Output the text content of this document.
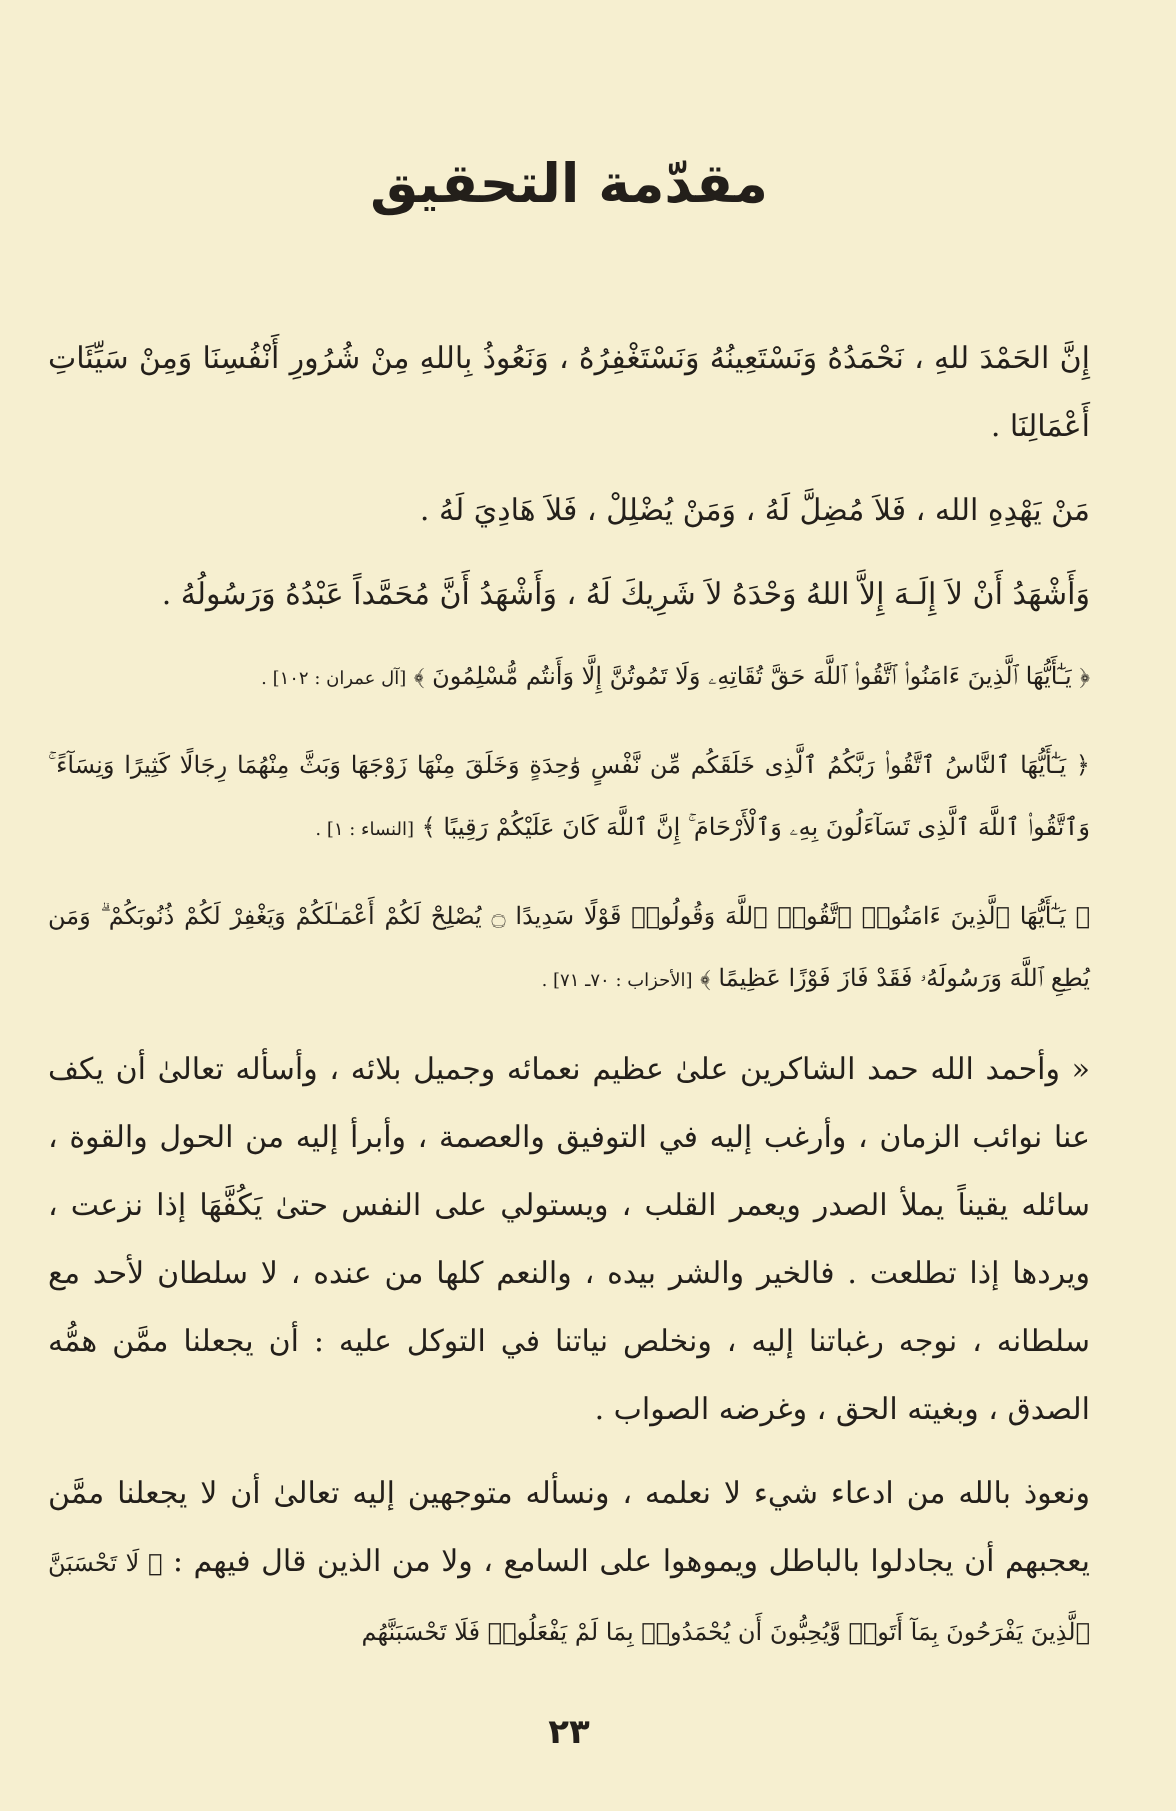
مقدّمة التحقيق

إِنَّ الحَمْدَ للهِ ، نَحْمَدُهُ وَنَسْتَعِينُهُ وَنَسْتَغْفِرُهُ ، وَنَعُوذُ بِاللهِ مِنْ شُرُورِ أَنْفُسِنَا وَمِنْ سَيِّئَاتِ أَعْمَالِنَا .

مَنْ يَهْدِهِ الله ، فَلاَ مُضِلَّ لَهُ ، وَمَنْ يُضْلِلْ ، فَلاَ هَادِيَ لَهُ .

وَأَشْهَدُ أَنْ لاَ إِلَـهَ إِلاَّ اللهُ وَحْدَهُ لاَ شَرِيكَ لَهُ ، وَأَشْهَدُ أَنَّ مُحَمَّداً عَبْدُهُ وَرَسُولُهُ .

﴿ يَـٰٓأَيُّهَا ٱلَّذِينَ ءَامَنُوا۟ ٱتَّقُوا۟ ٱللَّهَ حَقَّ تُقَاتِهِۦ وَلَا تَمُوتُنَّ إِلَّا وَأَنتُم مُّسْلِمُونَ ﴾ [آل عمران : ١٠٢] .

﴿ يَـٰٓأَيُّهَا ٱلنَّاسُ ٱتَّقُوا۟ رَبَّكُمُ ٱلَّذِى خَلَقَكُم مِّن نَّفْسٍ وَٰحِدَةٍ وَخَلَقَ مِنْهَا زَوْجَهَا وَبَثَّ مِنْهُمَا رِجَالًا كَثِيرًا وَنِسَآءً ۚ وَٱتَّقُوا۟ ٱللَّهَ ٱلَّذِى تَسَآءَلُونَ بِهِۦ وَٱلْأَرْحَامَ ۚ إِنَّ ٱللَّهَ كَانَ عَلَيْكُمْ رَقِيبًا ﴾ [النساء : ١] .

﴿ يَـٰٓأَيُّهَا ٱلَّذِينَ ءَامَنُوا۟ ٱتَّقُوا۟ ٱللَّهَ وَقُولُوا۟ قَوْلًا سَدِيدًا ۝ يُصْلِحْ لَكُمْ أَعْمَـٰلَكُمْ وَيَغْفِرْ لَكُمْ ذُنُوبَكُمْ ۗ وَمَن يُطِعِ ٱللَّهَ وَرَسُولَهُۥ فَقَدْ فَازَ فَوْزًا عَظِيمًا ﴾ [الأحزاب : ٧٠ـ ٧١] .

« وأحمد الله حمد الشاكرين علىٰ عظيم نعمائه وجميل بلائه ، وأسأله تعالىٰ أن يكف عنا نوائب الزمان ، وأرغب إليه في التوفيق والعصمة ، وأبرأ إليه من الحول والقوة ، سائله يقيناً يملأ الصدر ويعمر القلب ، ويستولي على النفس حتىٰ يَكُفَّهَا إذا نزعت ، ويردها إذا تطلعت . فالخير والشر بيده ، والنعم كلها من عنده ، لا سلطان لأحد مع سلطانه ، نوجه رغباتنا إليه ، ونخلص نياتنا في التوكل عليه : أن يجعلنا ممَّن همُّه الصدق ، وبغيته الحق ، وغرضه الصواب .

ونعوذ بالله من ادعاء شيء لا نعلمه ، ونسأله متوجهين إليه تعالىٰ أن لا يجعلنا ممَّن يعجبهم أن يجادلوا بالباطل ويموهوا على السامع ، ولا من الذين قال فيهم : ﴿ لَا تَحْسَبَنَّ ٱلَّذِينَ يَفْرَحُونَ بِمَآ أَتَوا۟ وَّيُحِبُّونَ أَن يُحْمَدُوا۟ بِمَا لَمْ يَفْعَلُوا۟ فَلَا تَحْسَبَنَّهُم

٢٣
